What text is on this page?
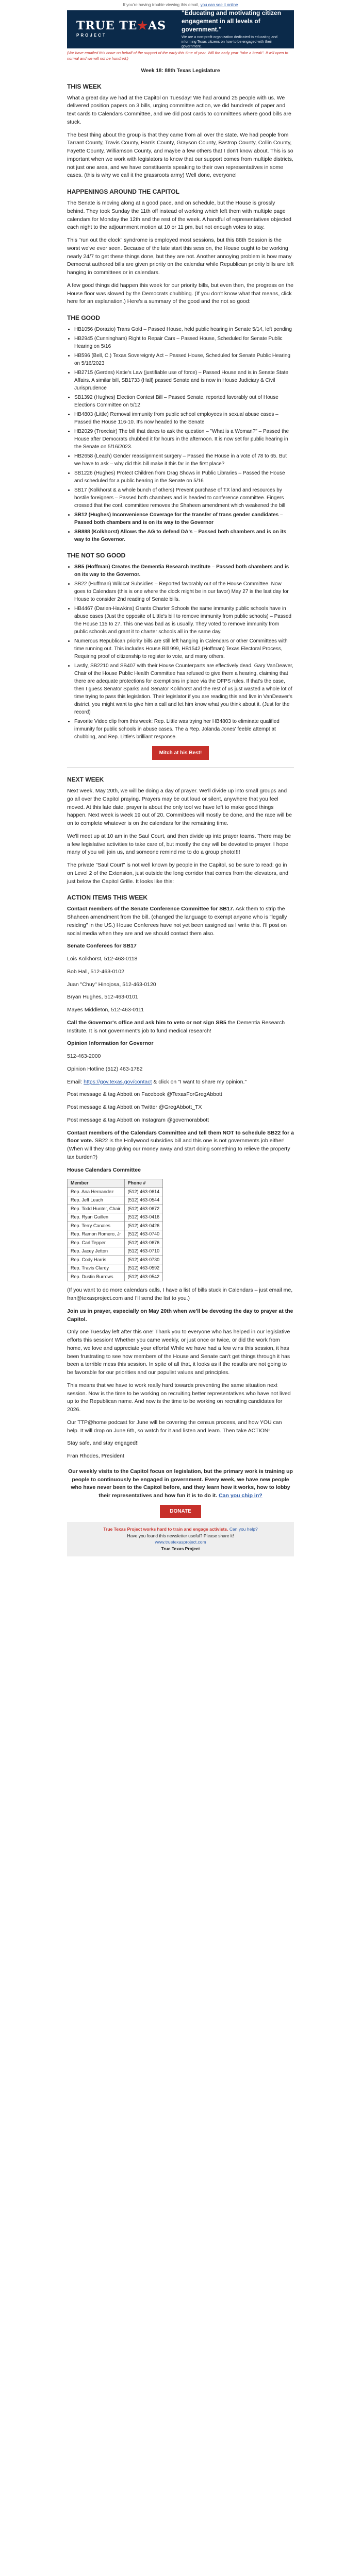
If you're having trouble viewing this email, you can see it online
TRUE TE★AS
PROJECT
"Educating and motivating citizen engagement in all levels of government."
We are a non-profit organization dedicated to educating and informing Texas citizens on how to be engaged with their government.
(We have emailed this issue on behalf of the support of the early this time of year. Will the early year "take a break". It will open to normal and we will not be hundred.)
Week 18: 88th Texas Legislature
THIS WEEK

What a great day we had at the Capitol on Tuesday! We had around 25 people with us. We delivered position papers on 3 bills, urging committee action, we did hundreds of paper and text cards to Calendars Committee, and we did post cards to committees where good bills are stuck.

The best thing about the group is that they came from all over the state. We had people from Tarrant County, Travis County, Harris County, Grayson County, Bastrop County, Collin County, Fayette County, Williamson County, and maybe a few others that I don't know about. This is so important when we work with legislators to know that our support comes from multiple districts, not just one area, and we have constituents speaking to their own representatives in some cases. (this is why we call it the grassroots army) Well done, everyone!

HAPPENINGS AROUND THE CAPITOL

The Senate is moving along at a good pace, and on schedule, but the House is grossly behind. They took Sunday the 11th off instead of working which left them with multiple page calendars for Monday the 12th and the rest of the week. A handful of representatives objected each night to the adjournment motion at 10 or 11 pm, but not enough votes to stay.

This "run out the clock" syndrome is employed most sessions, but this 88th Session is the worst we've ever seen. Because of the late start this session, the House ought to be working nearly 24/7 to get these things done, but they are not. Another annoying problem is how many Democrat authored bills are given priority on the calendar while Republican priority bills are left hanging in committees or in calendars.

A few good things did happen this week for our priority bills, but even then, the progress on the House floor was slowed by the Democrats chubbing. (If you don't know what that means, click here for an explanation.) Here's a summary of the good and the not so good:

THE GOOD
• HB1056 (Dorazio) Trans Gold – Passed House, held public hearing in Senate 5/14, left pending
• HB2945 (Cunningham) Right to Repair Cars – Passed House, Scheduled for Senate Public Hearing on 5/16
• HB596 (Bell, C.) Texas Sovereignty Act – Passed House, Scheduled for Senate Public Hearing on 5/16/2023
• HB2715 (Gerdes) Katie's Law (justifiable use of force) – Passed House and is in Senate State Affairs. A similar bill, SB1733 (Hall) passed Senate and is now in House Judiciary & Civil Jurisprudence
• SB1392 (Hughes) Election Contest Bill – Passed Senate, reported favorably out of House Elections Committee on 5/12
• HB4803 (Little) Removal immunity from public school employees in sexual abuse cases – Passed the House 116-10. It's now headed to the Senate
• HB2029 (Troxclair) The bill that dares to ask the question – "What is a Woman?" – Passed the House after Democrats chubbed it for hours in the afternoon. It is now set for public hearing in the Senate on 5/16/2023.
• HB2658 (Leach) Gender reassignment surgery – Passed the House in a vote of 78 to 65. But we have to ask – why did this bill make it this far in the first place?
• SB1226 (Hughes) Protect Children from Drag Shows in Public Libraries – Passed the House and scheduled for a public hearing in the Senate on 5/16
• SB17 (Kolkhorst & a whole bunch of others) Prevent purchase of TX land and resources by hostile foreigners – Passed both chambers and is headed to conference committee. Fingers crossed that the conf. committee removes the Shaheen amendment which weakened the bill
• SB12 (Hughes) Inconvenience Coverage for the transfer of trans gender candidates – Passed both chambers and is on its way to the Governor
• SB888 (Kolkhorst) Allows the AG to defend DA's – Passed both chambers and is on its way to the Governor.
THE NOT SO GOOD
• SB5 (Hoffman) Creates the Dementia Research Institute – Passed both chambers and is on its way to the Governor.
• SB22 (Huffman) Wildcat Subsidies – Reported favorably out of the House Committee. Now goes to Calendars (this is one where the clock might be in our favor) May 27 is the last day for House to consider 2nd reading of Senate bills.
• HB4467 (Darien-Hawkins) Grants Charter Schools the same immunity public schools have in abuse cases (Just the opposite of Little's bill to remove immunity from public schools) – Passed the House 115 to 27. This one was bad as is usually. They voted to remove immunity from public schools and grant it to charter schools all in the same day.
• Numerous Republican priority bills are still left hanging in Calendars or other Committees with time running out. This includes House Bill 999, HB1542 (Hoffman) Texas Electoral Process, Requiring proof of citizenship to register to vote, and many others.
• Lastly, SB2210 and SB407 with their House Counterparts are effectively dead. Gary VanDeaver, Chair of the House Public Health Committee has refused to give them a hearing, claiming that there are adequate protections for exemptions in place via the DFPS rules. If that's the case, then I guess Senator Sparks and Senator Kolkhorst and the rest of us just wasted a whole lot of time trying to pass this legislation. Their legislator if you are reading this and live in VanDeaver's district, you might want to give him a call and let him know what you think about it. (Just for the record)
• Favorite Video clip from this week: Rep. Little was trying her HB4803 to eliminate qualified immunity for public schools in abuse cases. The a Rep. Jolanda Jones' feeble attempt at chubbing, and Rep. Little's brilliant response.
Mitch at his Best!
NEXT WEEK

Next week, May 20th, we will be doing a day of prayer. We'll divide up into small groups and go all over the Capitol praying. Prayers may be out loud or silent, anywhere that you feel moved. At this late date, prayer is about the only tool we have left to make good things happen. Next week is week 19 out of 20. Committees will mostly be done, and the race will be on to complete whatever is on the calendars for the remaining time.

We'll meet up at 10 am in the Saul Court, and then divide up into prayer teams. There may be a few legislative activities to take care of, but mostly the day will be devoted to prayer. I hope many of you will join us, and someone remind me to do a group photo!!!!

The private "Saul Court" is not well known by people in the Capitol, so be sure to read: go in on Level 2 of the Extension, just outside the long corridor that comes from the elevators, and just below the Capitol Grille. It looks like this:

ACTION ITEMS THIS WEEK

Contact members of the Senate Conference Committee for SB17. Ask them to strip the Shaheen amendment from the bill. (changed the language to exempt anyone who is "legally residing" in the US.) House Conferees have not yet been assigned as I write this. I'll post on social media when they are and we should contact them also.

Senate Conferees for SB17

Lois Kolkhorst, 512-463-0118

Bob Hall, 512-463-0102

Juan "Chuy" Hinojosa, 512-463-0120

Bryan Hughes, 512-463-0101

Mayes Middleton, 512-463-0111

Call the Governor's office and ask him to veto or not sign SB5 the Dementia Research Institute. It is not government's job to fund medical research!

Opinion Information for Governor

512-463-2000

Opinion Hotline (512) 463-1782

Email: https://gov.texas.gov/contact & click on "I want to share my opinion."

Post message & tag Abbott on Facebook @TexasForGregAbbott

Post message & tag Abbott on Twitter @GregAbbott_TX

Post message & tag Abbott on Instagram @governorabbott

Contact members of the Calendars Committee and tell them NOT to schedule SB22 for a floor vote. SB22 is the Hollywood subsidies bill and this one is not governments job either! (When will they stop giving our money away and start doing something to relieve the property tax burden?)

House Calendars Committee

Member	Phone #
Rep. Ana Hernandez	(512) 463-0614
Rep. Jeff Leach	(512) 463-0544
Rep. Todd Hunter, Chair	(512) 463-0672
Rep. Ryan Guillen	(512) 463-0416
Rep. Terry Canales	(512) 463-0426
Rep. Ramon Romero, Jr	(512) 463-0740
Rep. Carl Tepper	(512) 463-0676
Rep. Jacey Jetton	(512) 463-0710
Rep. Cody Harris	(512) 463-0730
Rep. Travis Clardy	(512) 463-0592
Rep. Dustin Burrows	(512) 463-0542

(If you want to do more calendars calls, I have a list of bills stuck in Calendars – just email me, fran@texasproject.com and I'll send the list to you.)

Join us in prayer, especially on May 20th when we'll be devoting the day to prayer at the Capitol.

Only one Tuesday left after this one! Thank you to everyone who has helped in our legislative efforts this session! Whether you came weekly, or just once or twice, or did the work from home, we love and appreciate your efforts! While we have had a few wins this session, it has been frustrating to see how members of the House and Senate can't get things through it has been a terrible mess this session. In spite of all that, it looks as if the results are not going to be favorable for our priorities and our populist values and principles.

This means that we have to work really hard towards preventing the same situation next session. Now is the time to be working on recruiting better representatives who have not lived up to the Republican name. And now is the time to be working on recruiting candidates for 2026.

Our TTP@home podcast for June will be covering the census process, and how YOU can help. It will drop on June 6th, so watch for it and listen and learn. Then take ACTION!

Stay safe, and stay engaged!!

Fran Rhodes, President

Our weekly visits to the Capitol focus on legislation, but the primary work is training up people to continuously be engaged in government. Every week, we have new people who have never been to the Capitol before, and they learn how it works, how to lobby their representatives and how fun it is to do it. Can you chip in?

DONATE
True Texas Project works hard to train and engage activists. Can you help?
Have you found this newsletter useful? Please share it!
www.truetexasproject.com
True Texas Project
